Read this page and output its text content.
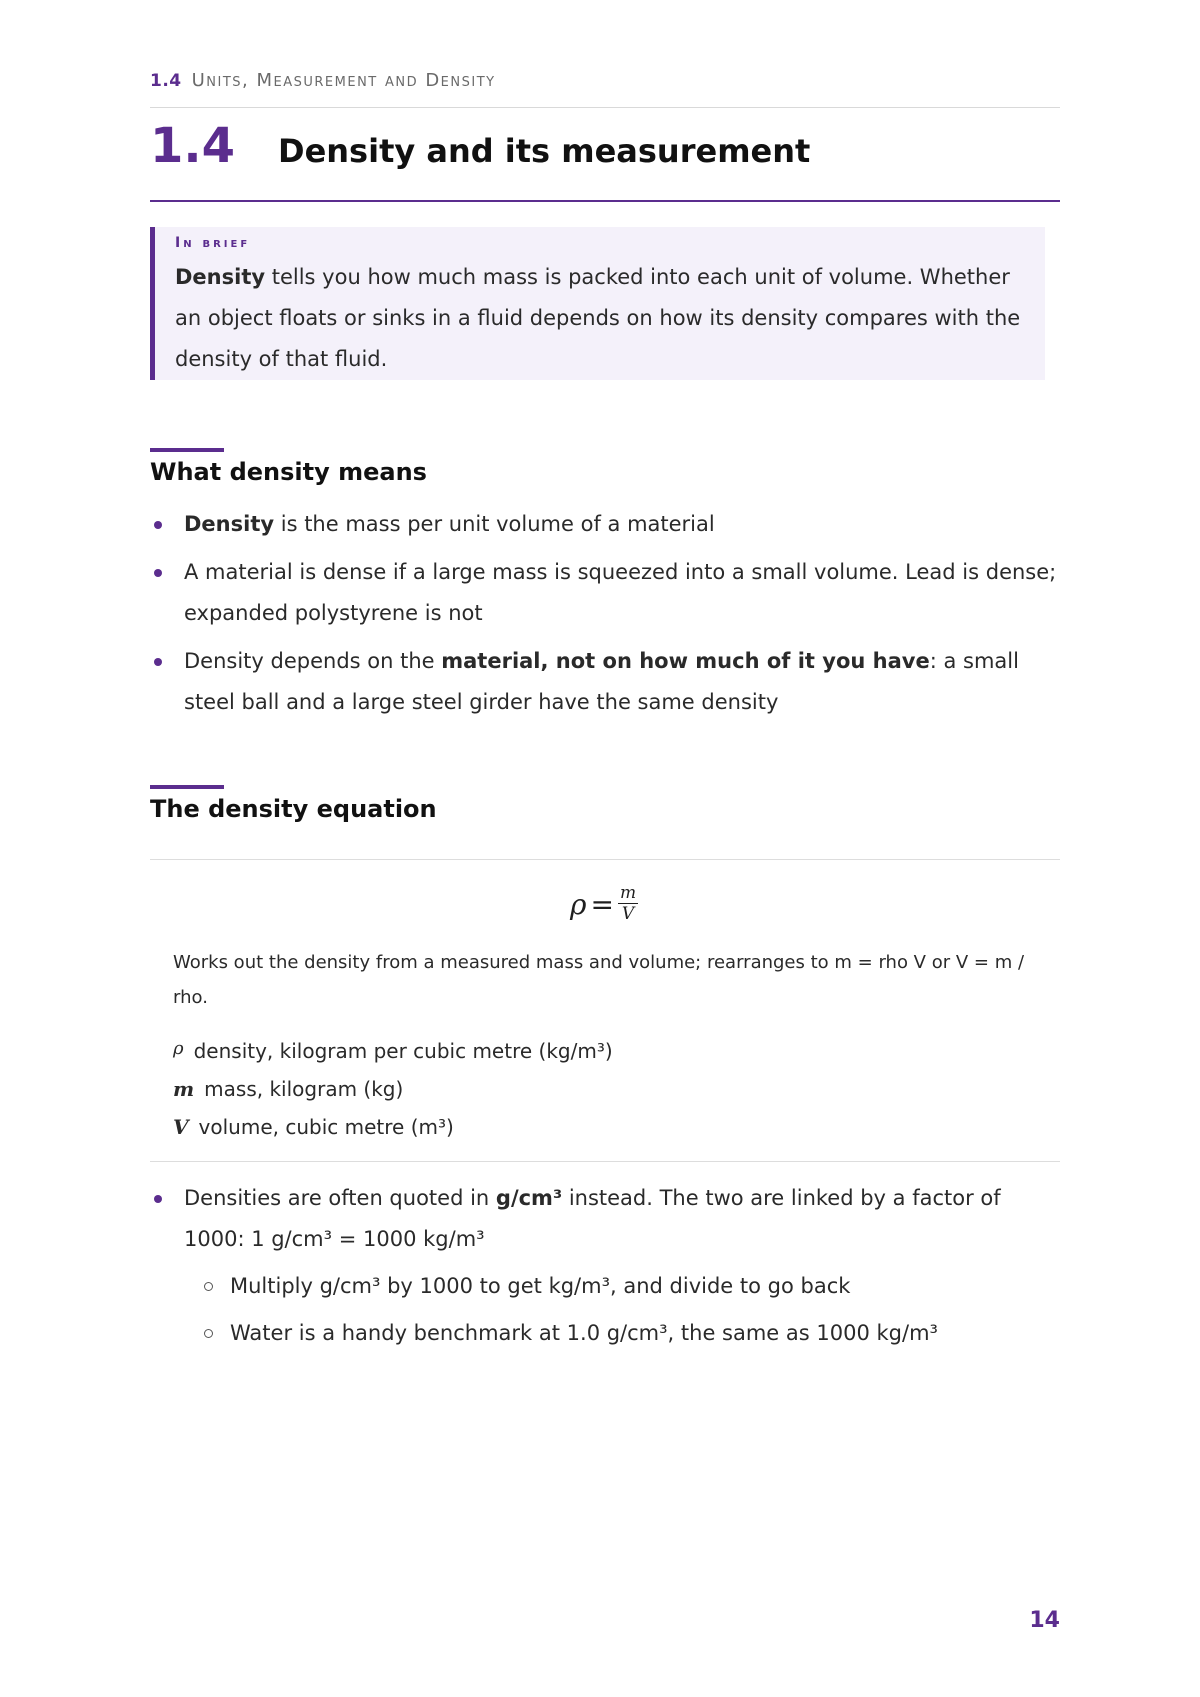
1.4 Units, Measurement and Density
1.4 Density and its measurement
In brief

Density tells you how much mass is packed into each unit of volume. Whether an object floats or sinks in a fluid depends on how its density compares with the density of that fluid.

What density means
Density is the mass per unit volume of a material
A material is dense if a large mass is squeezed into a small volume. Lead is dense; expanded polystyrene is not
Density depends on the material, not on how much of it you have: a small steel ball and a large steel girder have the same density
The density equation
$\rho = \frac{m}{V}$

Works out the density from a measured mass and volume; rearranges to m = rho V or V = m / rho.

ρ density, kilogram per cubic metre (kg/m³)
m mass, kilogram (kg)
V volume, cubic metre (m³)
Densities are often quoted in g/cm³ instead. The two are linked by a factor of 1000: 1 g/cm³ = 1000 kg/m³
Multiply g/cm³ by 1000 to get kg/m³, and divide to go back
Water is a handy benchmark at 1.0 g/cm³, the same as 1000 kg/m³
14
